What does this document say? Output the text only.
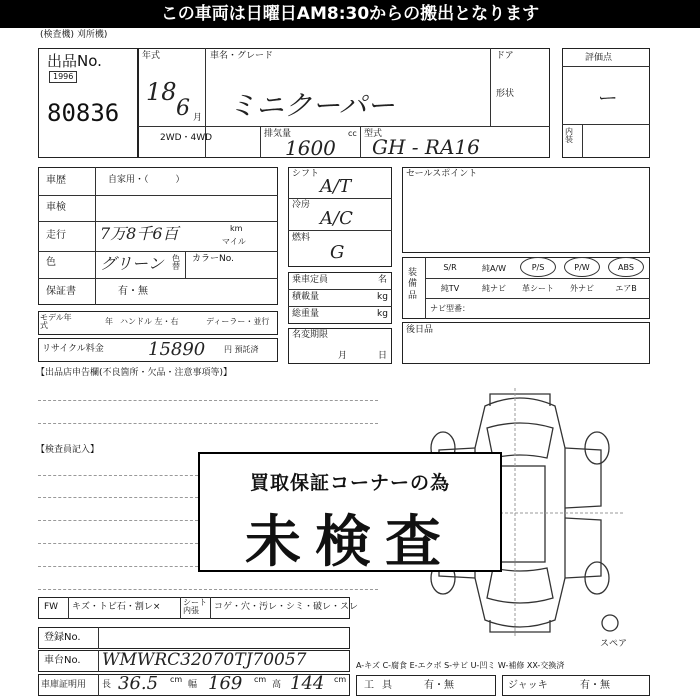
この車両は日曜日AM8:30からの搬出となります
(検査機) 刈所機)
出品No.
1996
80836
年式
18
6 月
車名・グレード
ミニクーパー
ドア
形状
2WD・4WD	排気量	cc
1600
型式
GH - RA16
評価点
ー
内装
車歴	自家用・（　　　）
車検
走行 7万8千6百	km
マイル
色	グリーン 色替
カラーNo.
保証書	有・無
モデル年式	年 ハンドル 左・右	ディーラー・並行
リサイクル料金 15890 円 預託済
シフト
A/T
冷房
A/C
燃料
G
乗車定員	名
積載量	kg
総重量	kg
名変期限
月	日
セールスポイント
装備品
ナビ型番：
後日品
【出品店申告欄(不良箇所・欠品・注意事項等)】
【検査員記入】
スペア
買取保証コーナーの為
未検査
FW キズ・トビ石・割レ×	シート内張	コゲ・穴・汚レ・シミ・破レ・スレ
登録No.
車台No. WMWRC32070TJ70057
車庫証明用 長 36.5 cm
幅 169 cm
高 144 cm
A-キズ C-腐食 E-エクボ S-サビ U-凹ミ W-補修 XX-交換済
工具 有・無	ジャッキ	有・無
S/R	純A/W	P/S	P/W	ABS
純TV	純ナビ	革シート	外ナビ	エアB
